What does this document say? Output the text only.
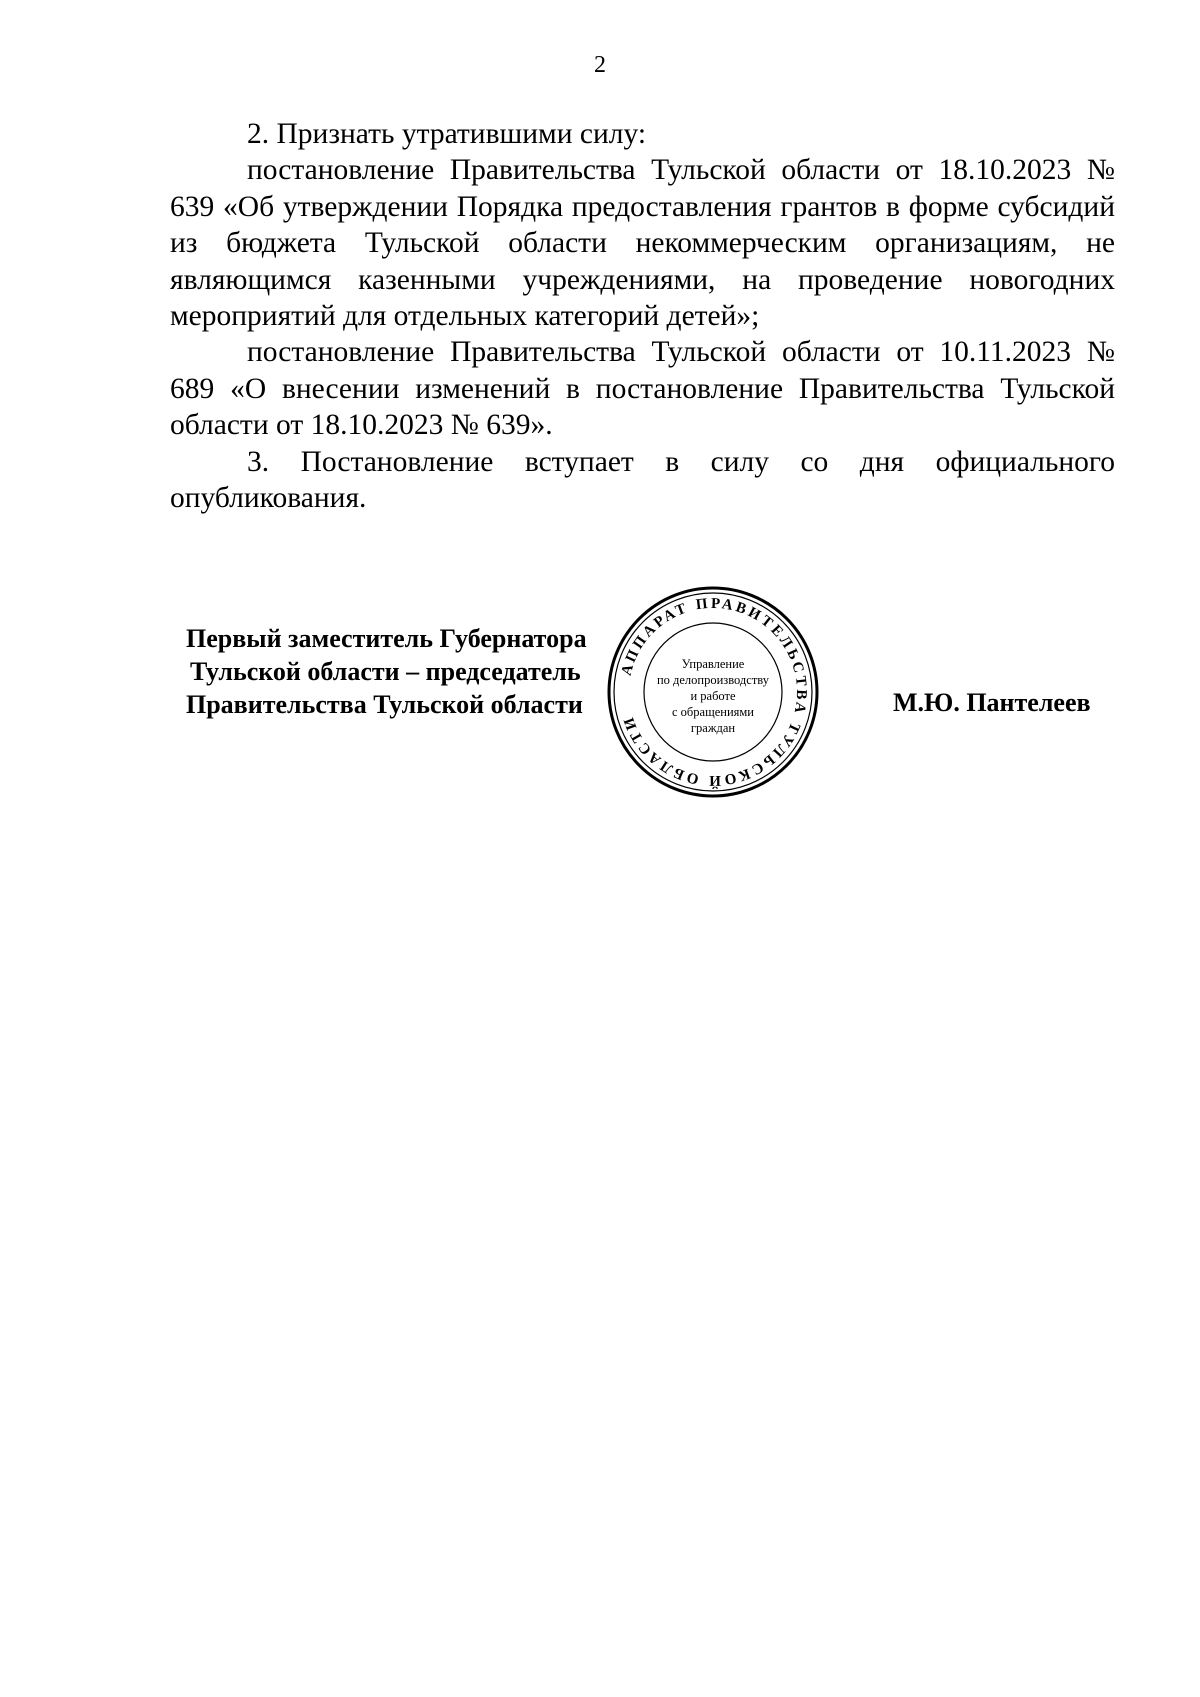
2

2. Признать утратившими силу:

постановление Правительства Тульской области от 18.10.2023 № 639 «Об утверждении Порядка предоставления грантов в форме субсидий из бюджета Тульской области некоммерческим организациям, не являющимся казенными учреждениями, на проведение новогодних мероприятий для отдельных категорий детей»;

постановление Правительства Тульской области от 10.11.2023 № 689 «О внесении изменений в постановление Правительства Тульской области от 18.10.2023 № 639».

3. Постановление вступает в силу со дня официального опубликования.

Первый заместитель Губернатора
Тульской области – председатель
Правительства Тульской области	М.Ю. Пантелеев
АППАРАТ ПРАВИТЕЛЬСТВА ТУЛЬСКОЙ ОБЛАСТИ
Управление
по делопроизводству
и работе
с обращениями
граждан
